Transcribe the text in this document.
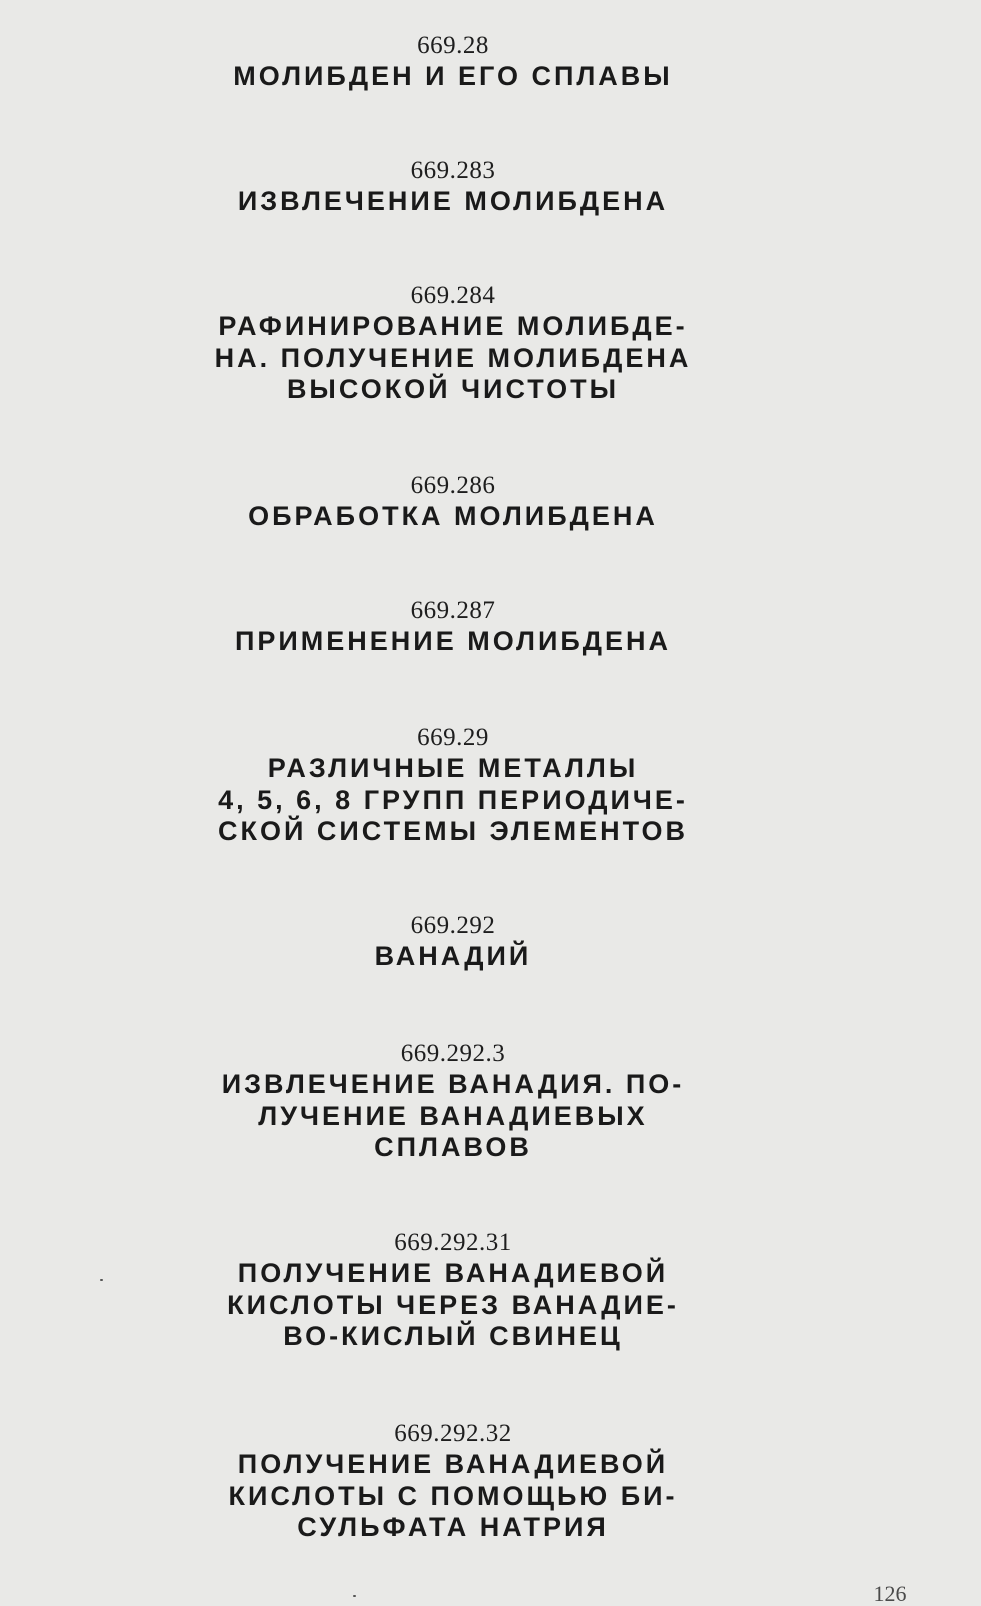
669.28
МОЛИБДЕН И ЕГО СПЛАВЫ
669.283
ИЗВЛЕЧЕНИЕ МОЛИБДЕНА
669.284
РАФИНИРОВАНИЕ МОЛИБДЕ-
НА. ПОЛУЧЕНИЕ МОЛИБДЕНА
ВЫСОКОЙ ЧИСТОТЫ
669.286
ОБРАБОТКА МОЛИБДЕНА
669.287
ПРИМЕНЕНИЕ МОЛИБДЕНА
669.29
РАЗЛИЧНЫЕ МЕТАЛЛЫ
4, 5, 6, 8 ГРУПП ПЕРИОДИЧЕ-
СКОЙ СИСТЕМЫ ЭЛЕМЕНТОВ
669.292
ВАНАДИЙ
669.292.3
ИЗВЛЕЧЕНИЕ ВАНАДИЯ. ПО-
ЛУЧЕНИЕ ВАНАДИЕВЫХ
СПЛАВОВ
669.292.31
ПОЛУЧЕНИЕ ВАНАДИЕВОЙ
КИСЛОТЫ ЧЕРЕЗ ВАНАДИЕ-
ВО-КИСЛЫЙ СВИНЕЦ
669.292.32
ПОЛУЧЕНИЕ ВАНАДИЕВОЙ
КИСЛОТЫ С ПОМОЩЬЮ БИ-
СУЛЬФАТА НАТРИЯ
126
